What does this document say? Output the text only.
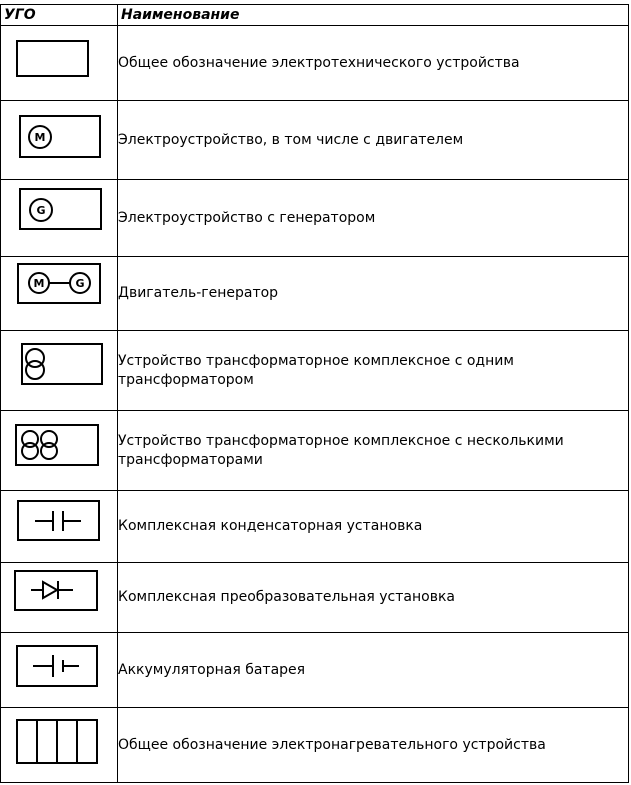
УГО	Наименование

	Общее обозначение электротехнического устройства

M	Электроустройство, в том числе с двигателем

G	Электроустройство с генератором

M G	Двигатель-генератор

	Устройство трансформаторное комплексное с одним трансформатором

	Устройство трансформаторное комплексное с несколькими трансформаторами

	Комплексная конденсаторная установка

	Комплексная преобразовательная установка

	Аккумуляторная батарея

	Общее обозначение электронагревательного устройства
